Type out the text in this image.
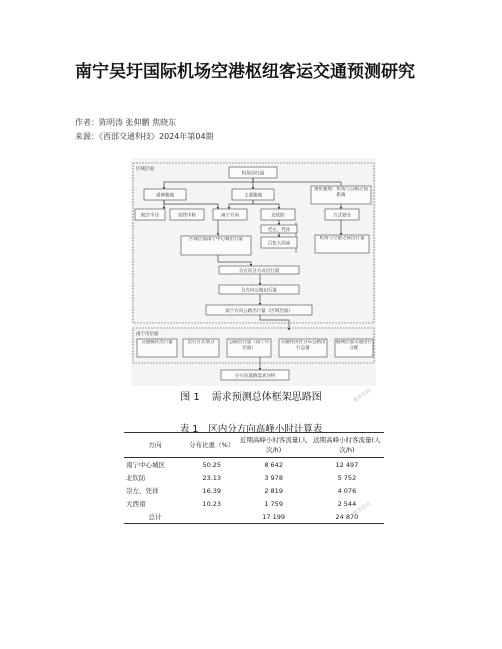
南宁吴圩国际机场空港枢纽客运交通预测研究
作者：陈明涛 张仰鹏 焦晓东
来源：《西部交通科技》2024年第04期
区域层面
南宁市层面
机场吞吐量
延伸腹地	主要腹地
重化腹地：机场与公路之间距离
航空半径	高铁中转	南宁方向	北钦防	方式划分
区域层面南宁中心城出行量
凭左、凭祥
百色大西南
机场与空港之间出行量
分方向分方式出行量
分方向公路出行量
南宁方向公路出行量（区域层面）
交通廊区出行量	出行方式划分	公路出行量（南宁市层面）
交通经济区分布公路出行总量
路网层面交通出行分配
分方向道路需求分析
维普资讯
维普资讯
图 1 需求预测总体框架思路图
表 1 区内分方向高峰小时计算表
方向	分布比重（%）	近期高峰小时客流量(人次/h)	远期高峰小时客流量(人次/h)
南宁中心城区	50.25	8 642	12 497
北钦防	23.13	3 978	5 752
崇左、凭祥	16.39	2 819	4 076
大西南	10.23	1 759	2 544
总计		17 199	24 870
